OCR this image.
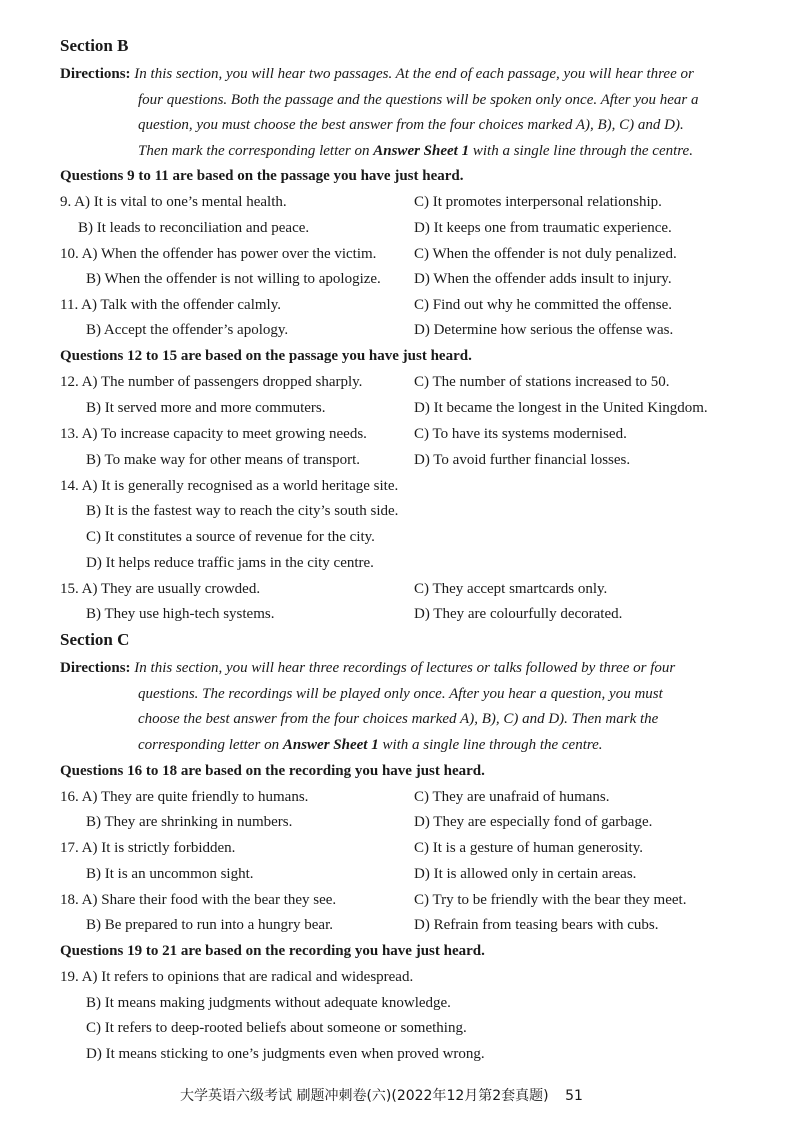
Section B
Directions: In this section, you will hear two passages. At the end of each passage, you will hear three or
four questions. Both the passage and the questions will be spoken only once. After you hear a
question, you must choose the best answer from the four choices marked A), B), C) and D).
Then mark the corresponding letter on Answer Sheet 1 with a single line through the centre.
Questions 9 to 11 are based on the passage you have just heard.
9. A) It is vital to one’s mental health.	C) It promotes interpersonal relationship.
B) It leads to reconciliation and peace.	D) It keeps one from traumatic experience.
10. A) When the offender has power over the victim.	C) When the offender is not duly penalized.
B) When the offender is not willing to apologize. D) When the offender adds insult to injury.
11. A) Talk with the offender calmly.	C) Find out why he committed the offense.
B) Accept the offender’s apology.	D) Determine how serious the offense was.
Questions 12 to 15 are based on the passage you have just heard.
12. A) The number of passengers dropped sharply.	C) The number of stations increased to 50.
B) It served more and more commuters.	D) It became the longest in the United Kingdom.
13. A) To increase capacity to meet growing needs.	C) To have its systems modernised.
B) To make way for other means of transport.	D) To avoid further financial losses.
14. A) It is generally recognised as a world heritage site.
B) It is the fastest way to reach the city’s south side.
C) It constitutes a source of revenue for the city.
D) It helps reduce traffic jams in the city centre.
15. A) They are usually crowded.	C) They accept smartcards only.
B) They use high-tech systems.	D) They are colourfully decorated.
Section C
Directions: In this section, you will hear three recordings of lectures or talks followed by three or four
questions. The recordings will be played only once. After you hear a question, you must
choose the best answer from the four choices marked A), B), C) and D). Then mark the
corresponding letter on Answer Sheet 1 with a single line through the centre.
Questions 16 to 18 are based on the recording you have just heard.
16. A) They are quite friendly to humans.	C) They are unafraid of humans.
B) They are shrinking in numbers.	D) They are especially fond of garbage.
17. A) It is strictly forbidden.	C) It is a gesture of human generosity.
B) It is an uncommon sight.	D) It is allowed only in certain areas.
18. A) Share their food with the bear they see.	C) Try to be friendly with the bear they meet.
B) Be prepared to run into a hungry bear.	D) Refrain from teasing bears with cubs.
Questions 19 to 21 are based on the recording you have just heard.
19. A) It refers to opinions that are radical and widespread.
B) It means making judgments without adequate knowledge.
C) It refers to deep-rooted beliefs about someone or something.
D) It means sticking to one’s judgments even when proved wrong.
大学英语六级考试 刷题冲刺卷(六)(2022年12月第2套真题) 51
